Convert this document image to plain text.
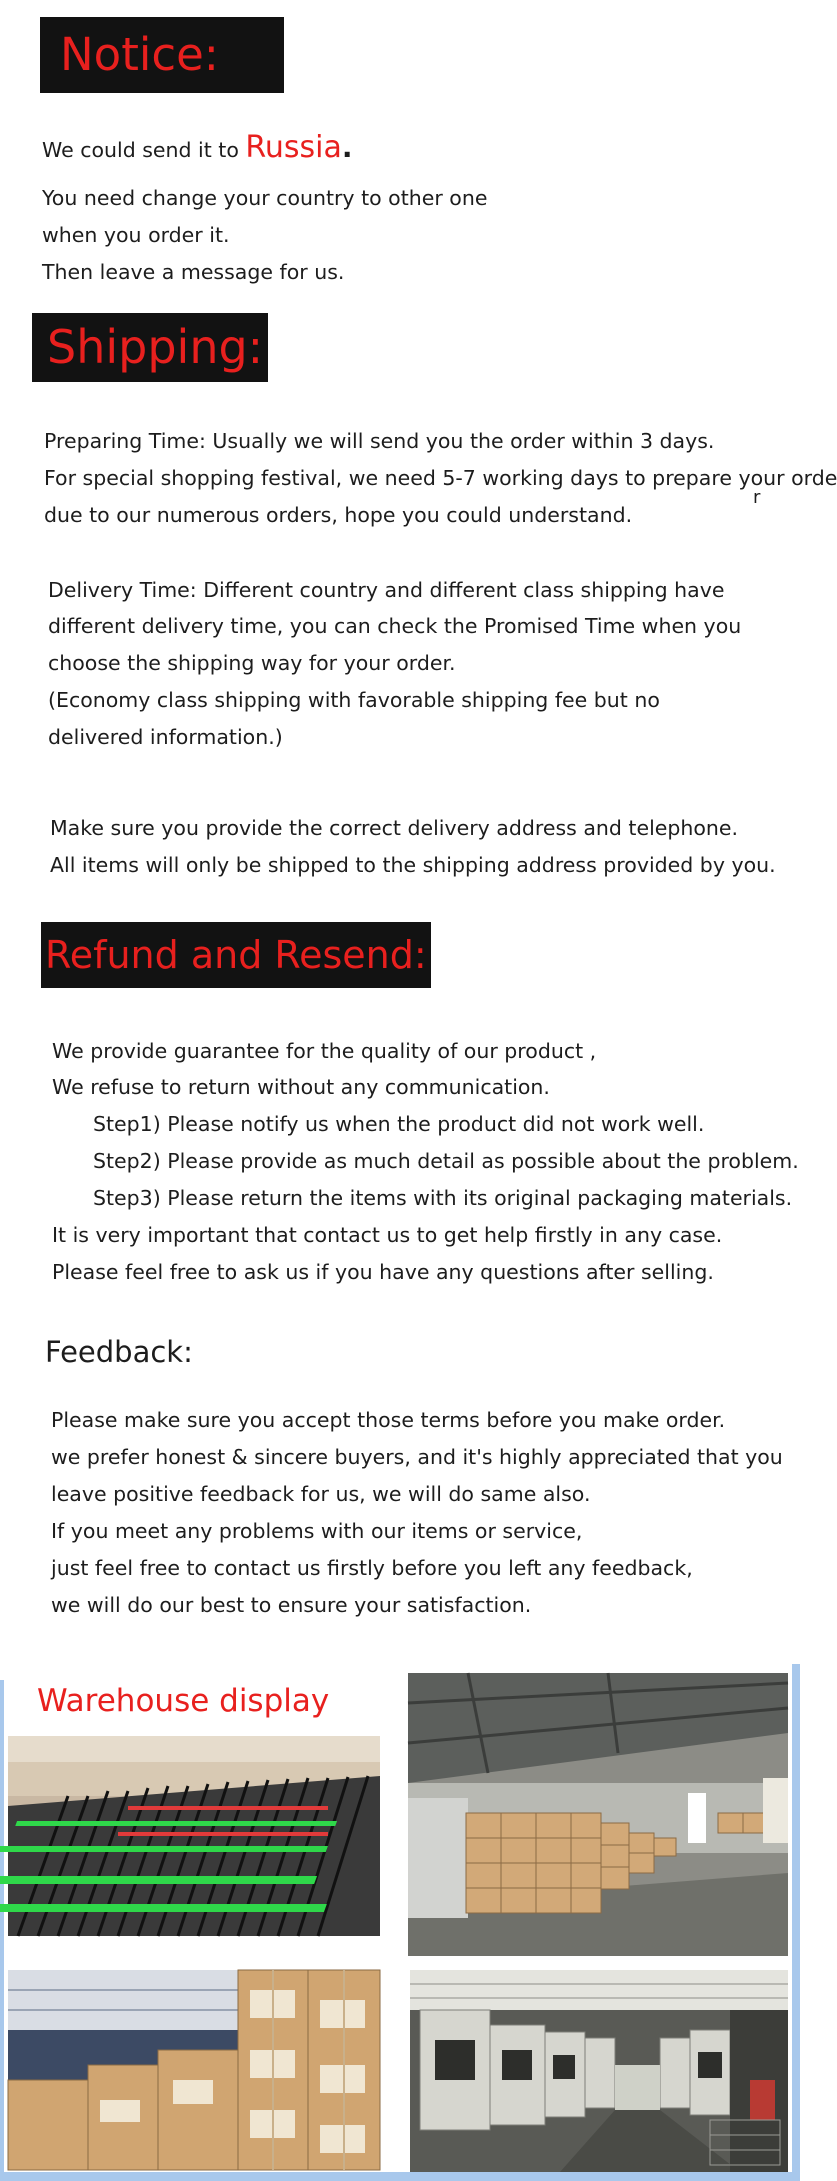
Notice:
We could send it to Russia.
You need change your country to other one
when you order it.
Then leave a message for us.
Shipping:
Preparing Time: Usually we will send you the order within 3 days.
For special shopping festival, we need 5-7 working days to prepare your orde
r
due to our numerous orders, hope you could understand.
Delivery Time: Different country and different class shipping have
different delivery time, you can check the Promised Time when you
choose the shipping way for your order.
(Economy class shipping with favorable shipping fee but no
delivered information.)
Make sure you provide the correct delivery address and telephone.
All items will only be shipped to the shipping address provided by you.
Refund and Resend:
We provide guarantee for the quality of our product ,
We refuse to return without any communication.
Step1) Please notify us when the product did not work well.
Step2) Please provide as much detail as possible about the problem.
Step3) Please return the items with its original packaging materials.
It is very important that contact us to get help firstly in any case.
Please feel free to ask us if you have any questions after selling.
Feedback:
Please make sure you accept those terms before you make order.
we prefer honest & sincere buyers, and it's highly appreciated that you
leave positive feedback for us, we will do same also.
If you meet any problems with our items or service,
just feel free to contact us firstly before you left any feedback,
we will do our best to ensure your satisfaction.
Warehouse display
